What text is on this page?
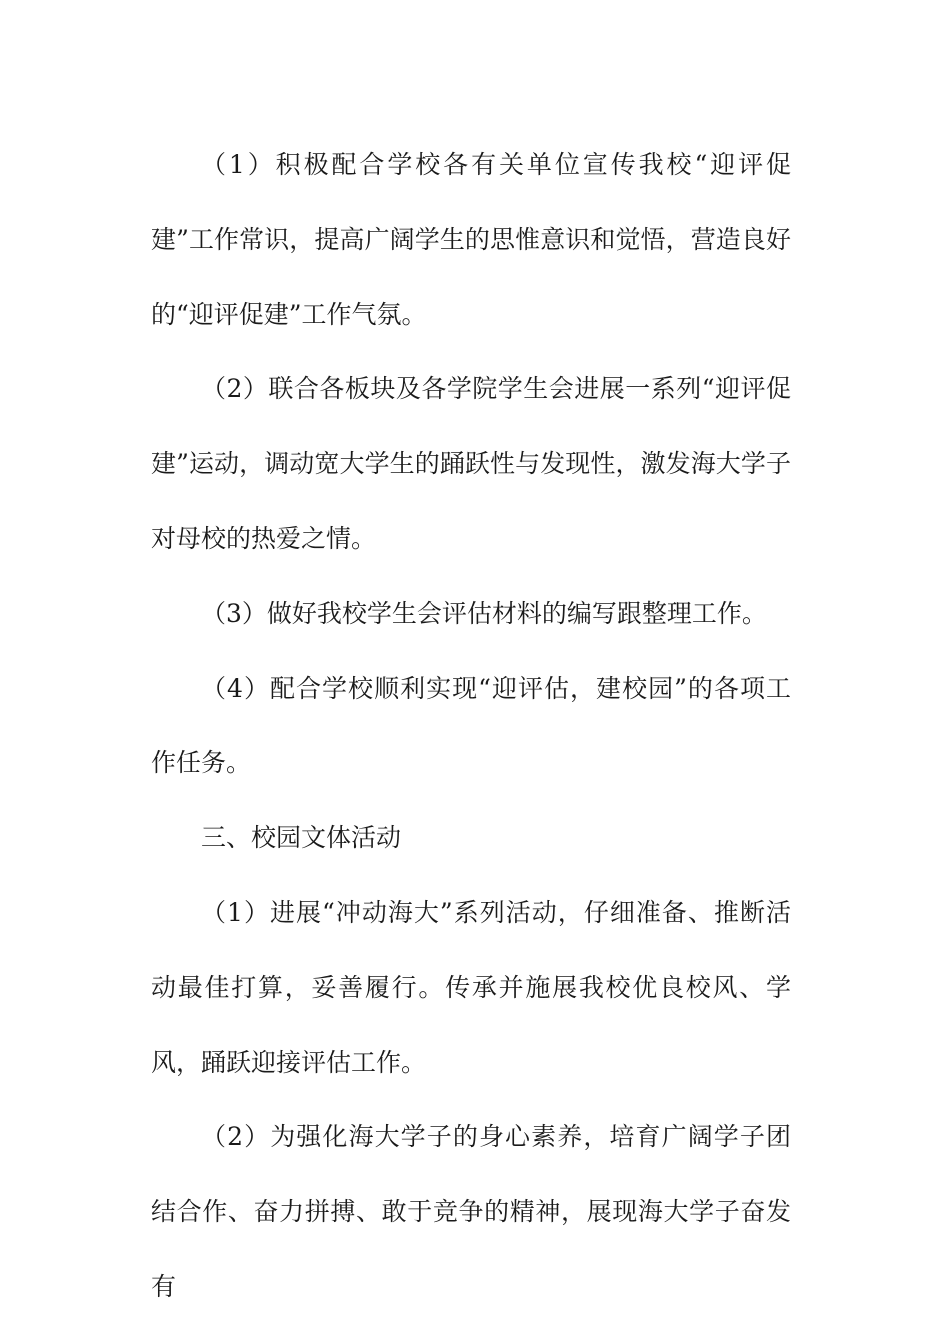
（1）积极配合学校各有关单位宣传我校“迎评促建”工作常识，提高广阔学生的思惟意识和觉悟，营造良好的“迎评促建”工作气氛。

（2）联合各板块及各学院学生会进展一系列“迎评促建”运动，调动宽大学生的踊跃性与发现性，激发海大学子对母校的热爱之情。

（3）做好我校学生会评估材料的编写跟整理工作。

（4）配合学校顺利实现“迎评估，建校园”的各项工作任务。

三、校园文体活动

（1）进展“冲动海大”系列活动，仔细准备、推断活动最佳打算，妥善履行。传承并施展我校优良校风、学风，踊跃迎接评估工作。

（2）为强化海大学子的身心素养，培育广阔学子团结合作、奋力拼搏、敢于竞争的精神，展现海大学子奋发有
